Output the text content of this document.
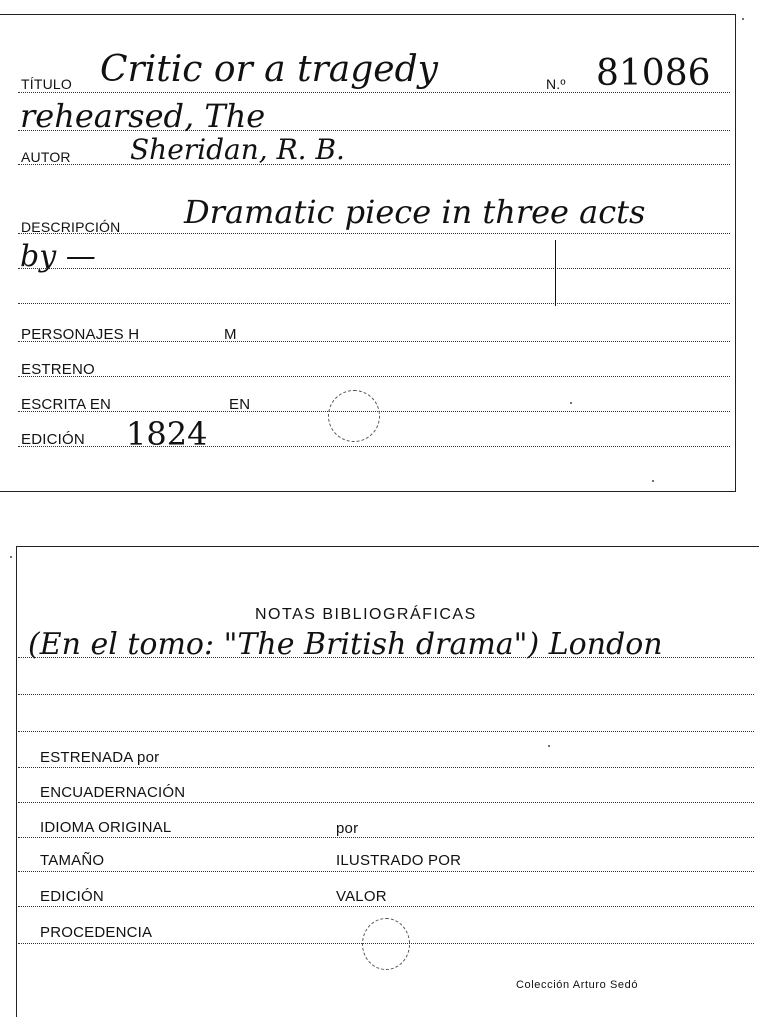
TÍTULO Critic or a tragedy	N.º 81086
rehearsed, The
AUTOR Sheridan, R. B.
DESCRIPCIÓN Dramatic piece in three acts
by —
PERSONAJES H	M
ESTRENO
ESCRITA EN	EN
EDICIÓN 1824
NOTAS BIBLIOGRÁFICAS
(En el tomo: "The British drama") London
ESTRENADA por
ENCUADERNACIÓN
IDIOMA ORIGINAL	por
TAMAÑO	ILUSTRADO POR
EDICIÓN	VALOR
PROCEDENCIA
Colección Arturo Sedó
